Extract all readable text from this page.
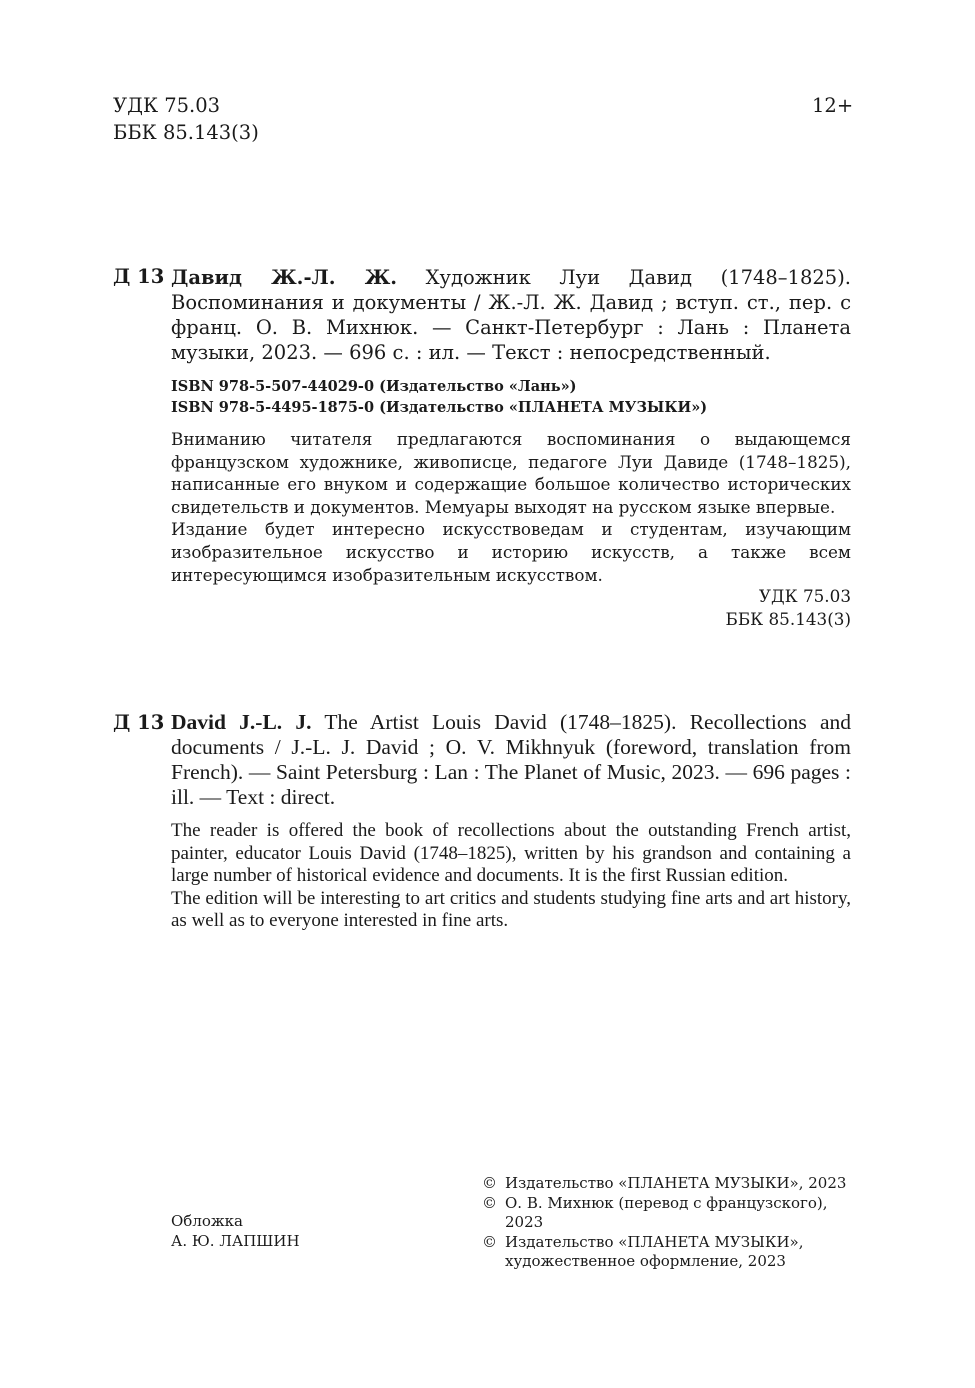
УДК 75.03
ББК 85.143(3)
12+
Д 13 Давид Ж.-Л. Ж. Художник Луи Давид (1748–1825). Воспоминания и документы / Ж.-Л. Ж. Давид ; вступ. ст., пер. с франц. О. В. Михнюк. — Санкт-Петербург : Лань : Планета музыки, 2023. — 696 с. : ил. — Текст : непосредственный.
ISBN 978-5-507-44029-0 (Издательство «Лань»)
ISBN 978-5-4495-1875-0 (Издательство «ПЛАНЕТА МУЗЫКИ»)

Вниманию читателя предлагаются воспоминания о выдающемся французском художнике, живописце, педагоге Луи Давиде (1748–1825), написанные его внуком и содержащие большое количество исторических свидетельств и документов. Мемуары выходят на русском языке впервые.

Издание будет интересно искусствоведам и студентам, изучающим изобразительное искусство и историю искусств, а также всем интересующимся изобразительным искусством.

УДК 75.03
ББК 85.143(3)
Д 13 David J.-L. J. The Artist Louis David (1748–1825). Recollections and documents / J.-L. J. David ; O. V. Mikhnyuk (foreword, translation from French). — Saint Petersburg : Lan : The Planet of Music, 2023. — 696 pages : ill. — Text : direct.

The reader is offered the book of recollections about the outstanding French artist, painter, educator Louis David (1748–1825), written by his grandson and containing a large number of historical evidence and documents. It is the first Russian edition.

The edition will be interesting to art critics and students studying fine arts and art history, as well as to everyone interested in fine arts.

Обложка
А. Ю. ЛАПШИН
© Издательство «ПЛАНЕТА МУЗЫКИ», 2023
© О. В. Михнюк (перевод с французского), 2023
© Издательство «ПЛАНЕТА МУЗЫКИ»,
художественное оформление, 2023
